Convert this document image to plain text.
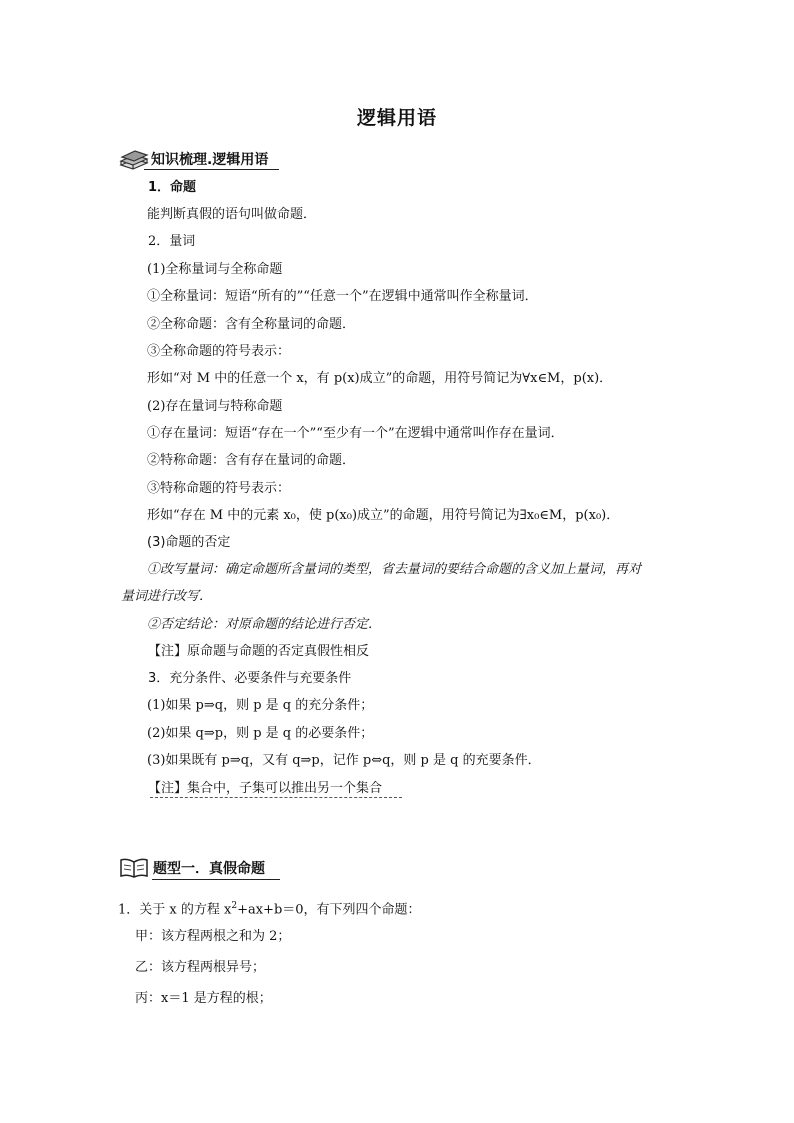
逻辑用语
知识梳理.逻辑用语
1．命题
能判断真假的语句叫做命题．
2．量词
(1)全称量词与全称命题
①全称量词：短语“所有的”“任意一个”在逻辑中通常叫作全称量词．
②全称命题：含有全称量词的命题．
③全称命题的符号表示：
形如“对 M 中的任意一个 x，有 p(x)成立”的命题，用符号简记为∀x∈M，p(x)．
(2)存在量词与特称命题
①存在量词：短语“存在一个”“至少有一个”在逻辑中通常叫作存在量词．
②特称命题：含有存在量词的命题．
③特称命题的符号表示：
形如“存在 M 中的元素 x₀，使 p(x₀)成立”的命题，用符号简记为∃x₀∈M，p(x₀)．
(3)命题的否定
①改写量词：确定命题所含量词的类型，省去量词的要结合命题的含义加上量词，再对
量词进行改写．
②否定结论：对原命题的结论进行否定．
【注】原命题与命题的否定真假性相反
3．充分条件、必要条件与充要条件
(1)如果 p⇒q，则 p 是 q 的充分条件；
(2)如果 q⇒p，则 p 是 q 的必要条件；
(3)如果既有 p⇒q，又有 q⇒p，记作 p⇔q，则 p 是 q 的充要条件．
【注】集合中，子集可以推出另一个集合
题型一．真假命题
1．关于 x 的方程 $x^2+ax+b=0$，有下列四个命题：
甲：该方程两根之和为 2；
乙：该方程两根异号；
丙：x＝1 是方程的根；
